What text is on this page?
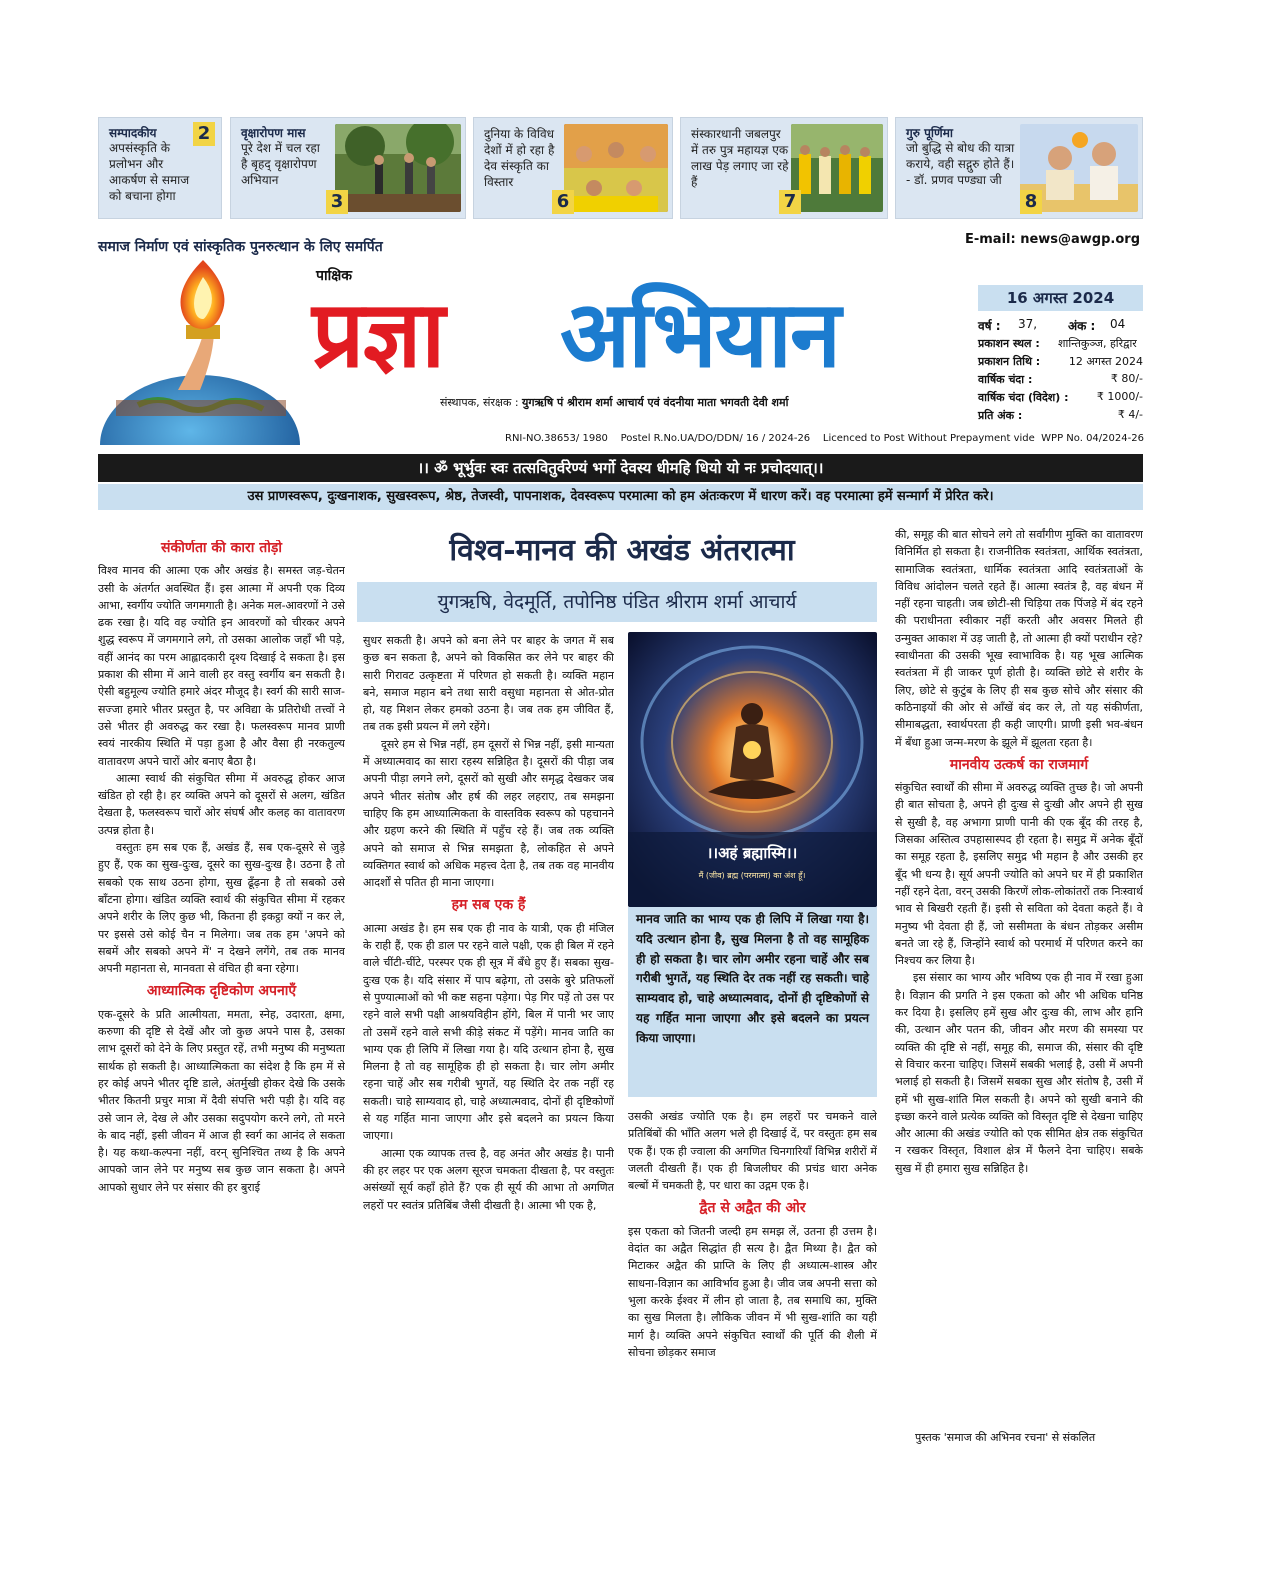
सम्पादकीय
अपसंस्कृति के प्रलोभन और आकर्षण से समाज को बचाना होगा
2	वृक्षारोपण मास
पूरे देश में चल रहा है बृहद् वृक्षारोपण अभियान
3
दुनिया के विविध देशों में हो रहा है देव संस्कृति का विस्तार
6
संस्कारधानी जबलपुर में तरु पुत्र महायज्ञ एक लाख पेड़ लगाए जा रहे हैं
7
गुरु पूर्णिमा
जो बुद्धि से बोध की यात्रा कराये, वही सद्गुरु होते हैं। - डॉ. प्रणव पण्ड्या जी
8
समाज निर्माण एवं सांस्कृतिक पुनरुत्थान के लिए समर्पित	E-mail: news@awgp.org
पाक्षिक
प्रज्ञा अभियान
संस्थापक, संरक्षक : युगऋषि पं श्रीराम शर्मा आचार्य एवं वंदनीया माता भगवती देवी शर्मा
RNI-NO.38653/ 1980    Postel R.No.UA/DO/DDN/ 16 / 2024-26    Licenced to Post Without Prepayment vide  WPP No. 04/2024-26
16 अगस्त 2024
वर्ष : 37,	अंक : 04
प्रकाशन स्थल : शान्तिकुञ्ज, हरिद्वार
प्रकाशन तिथि :	12 अगस्त 2024
वार्षिक चंदा :	₹ 80/-
वार्षिक चंदा (विदेश) :	₹ 1000/-
प्रति अंक :	₹ 4/-
।। ॐ भूर्भुवः स्वः तत्सवितुर्वरेण्यं भर्गो देवस्य धीमहि धियो यो नः प्रचोदयात्।।
उस प्राणस्वरूप, दुःखनाशक, सुखस्वरूप, श्रेष्ठ, तेजस्वी, पापनाशक, देवस्वरूप परमात्मा को हम अंतःकरण में धारण करें। वह परमात्मा हमें सन्मार्ग में प्रेरित करे।
विश्व-मानव की अखंड अंतरात्मा
युगऋषि, वेदमूर्ति, तपोनिष्ठ पंडित श्रीराम शर्मा आचार्य
संकीर्णता की कारा तोड़ो

विश्व मानव की आत्मा एक और अखंड है। समस्त जड़-चेतन उसी के अंतर्गत अवस्थित हैं। इस आत्मा में अपनी एक दिव्य आभा, स्वर्गीय ज्योति जगमगाती है। अनेक मल-आवरणों ने उसे ढक रखा है। यदि वह ज्योति इन आवरणों को चीरकर अपने शुद्ध स्वरूप में जगमगाने लगे, तो उसका आलोक जहाँ भी पड़े, वहीं आनंद का परम आह्लादकारी दृश्य दिखाई दे सकता है। इस प्रकाश की सीमा में आने वाली हर वस्तु स्वर्गीय बन सकती है। ऐसी बहुमूल्य ज्योति हमारे अंदर मौजूद है। स्वर्ग की सारी साज-सज्जा हमारे भीतर प्रस्तुत है, पर अविद्या के प्रतिरोधी तत्त्वों ने उसे भीतर ही अवरुद्ध कर रखा है। फलस्वरूप मानव प्राणी स्वयं नारकीय स्थिति में पड़ा हुआ है और वैसा ही नरकतुल्य वातावरण अपने चारों ओर बनाए बैठा है।

आत्मा स्वार्थ की संकुचित सीमा में अवरुद्ध होकर आज खंडित हो रही है। हर व्यक्ति अपने को दूसरों से अलग, खंडित देखता है, फलस्वरूप चारों ओर संघर्ष और कलह का वातावरण उत्पन्न होता है।

वस्तुतः हम सब एक हैं, अखंड हैं, सब एक-दूसरे से जुड़े हुए हैं, एक का सुख-दुःख, दूसरे का सुख-दुःख है। उठना है तो सबको एक साथ उठना होगा, सुख ढूँढ़ना है तो सबको उसे बाँटना होगा। खंडित व्यक्ति स्वार्थ की संकुचित सीमा में रहकर अपने शरीर के लिए कुछ भी, कितना ही इकट्ठा क्यों न कर ले, पर इससे उसे कोई चैन न मिलेगा। जब तक हम 'अपने को सबमें और सबको अपने में' न देखने लगेंगे, तब तक मानव अपनी महानता से, मानवता से वंचित ही बना रहेगा।

आध्यात्मिक दृष्टिकोण अपनाएँ

एक-दूसरे के प्रति आत्मीयता, ममता, स्नेह, उदारता, क्षमा, करुणा की दृष्टि से देखें और जो कुछ अपने पास है, उसका लाभ दूसरों को देने के लिए प्रस्तुत रहें, तभी मनुष्य की मनुष्यता सार्थक हो सकती है। आध्यात्मिकता का संदेश है कि हम में से हर कोई अपने भीतर दृष्टि डाले, अंतर्मुखी होकर देखे कि उसके भीतर कितनी प्रचुर मात्रा में दैवी संपत्ति भरी पड़ी है। यदि वह उसे जान ले, देख ले और उसका सदुपयोग करने लगे, तो मरने के बाद नहीं, इसी जीवन में आज ही स्वर्ग का आनंद ले सकता है। यह कथा-कल्पना नहीं, वरन् सुनिश्चित तथ्य है कि अपने आपको जान लेने पर मनुष्य सब कुछ जान सकता है। अपने आपको सुधार लेने पर संसार की हर बुराई

सुधर सकती है। अपने को बना लेने पर बाहर के जगत में सब कुछ बन सकता है, अपने को विकसित कर लेने पर बाहर की सारी गिरावट उत्कृष्टता में परिणत हो सकती है। व्यक्ति महान बने, समाज महान बने तथा सारी वसुधा महानता से ओत-प्रोत हो, यह मिशन लेकर हमको उठना है। जब तक हम जीवित हैं, तब तक इसी प्रयत्न में लगे रहेंगे।

दूसरे हम से भिन्न नहीं, हम दूसरों से भिन्न नहीं, इसी मान्यता में अध्यात्मवाद का सारा रहस्य सन्निहित है। दूसरों की पीड़ा जब अपनी पीड़ा लगने लगे, दूसरों को सुखी और समृद्ध देखकर जब अपने भीतर संतोष और हर्ष की लहर लहराए, तब समझना चाहिए कि हम आध्यात्मिकता के वास्तविक स्वरूप को पहचानने और ग्रहण करने की स्थिति में पहुँच रहे हैं। जब तक व्यक्ति अपने को समाज से भिन्न समझता है, लोकहित से अपने व्यक्तिगत स्वार्थ को अधिक महत्त्व देता है, तब तक वह मानवीय आदर्शों से पतित ही माना जाएगा।

हम सब एक हैं

आत्मा अखंड है। हम सब एक ही नाव के यात्री, एक ही मंजिल के राही हैं, एक ही डाल पर रहने वाले पक्षी, एक ही बिल में रहने वाले चींटी-चींटे, परस्पर एक ही सूत्र में बँधे हुए हैं। सबका सुख-दुःख एक है। यदि संसार में पाप बढ़ेगा, तो उसके बुरे प्रतिफलों से पुण्यात्माओं को भी कष्ट सहना पड़ेगा। पेड़ गिर पड़ें तो उस पर रहने वाले सभी पक्षी आश्रयविहीन होंगे, बिल में पानी भर जाए तो उसमें रहने वाले सभी कीड़े संकट में पड़ेंगे। मानव जाति का भाग्य एक ही लिपि में लिखा गया है। यदि उत्थान होना है, सुख मिलना है तो वह सामूहिक ही हो सकता है। चार लोग अमीर रहना चाहें और सब गरीबी भुगतें, यह स्थिति देर तक नहीं रह सकती। चाहे साम्यवाद हो, चाहे अध्यात्मवाद, दोनों ही दृष्टिकोणों से यह गर्हित माना जाएगा और इसे बदलने का प्रयत्न किया जाएगा।

आत्मा एक व्यापक तत्त्व है, वह अनंत और अखंड है। पानी की हर लहर पर एक अलग सूरज चमकता दीखता है, पर वस्तुतः असंख्यों सूर्य कहाँ होते हैं? एक ही सूर्य की आभा तो अगणित लहरों पर स्वतंत्र प्रतिबिंब जैसी दीखती है। आत्मा भी एक है,

।।अहं ब्रह्मास्मि।।
मैं (जीव) ब्रह्म (परमात्मा) का अंश हूँ।
मानव जाति का भाग्य एक ही लिपि में लिखा गया है। यदि उत्थान होना है, सुख मिलना है तो वह सामूहिक ही हो सकता है। चार लोग अमीर रहना चाहें और सब गरीबी भुगतें, यह स्थिति देर तक नहीं रह सकती। चाहे साम्यवाद हो, चाहे अध्यात्मवाद, दोनों ही दृष्टिकोणों से यह गर्हित माना जाएगा और इसे बदलने का प्रयत्न किया जाएगा।

उसकी अखंड ज्योति एक है। हम लहरों पर चमकने वाले प्रतिबिंबों की भाँति अलग भले ही दिखाई दें, पर वस्तुतः हम सब एक हैं। एक ही ज्वाला की अगणित चिनगारियाँ विभिन्न शरीरों में जलती दीखती हैं। एक ही बिजलीघर की प्रचंड धारा अनेक बल्बों में चमकती है, पर धारा का उद्गम एक है।

द्वैत से अद्वैत की ओर

इस एकता को जितनी जल्दी हम समझ लें, उतना ही उत्तम है। वेदांत का अद्वैत सिद्धांत ही सत्य है। द्वैत मिथ्या है। द्वैत को मिटाकर अद्वैत की प्राप्ति के लिए ही अध्यात्म-शास्त्र और साधना-विज्ञान का आविर्भाव हुआ है। जीव जब अपनी सत्ता को भुला करके ईश्वर में लीन हो जाता है, तब समाधि का, मुक्ति का सुख मिलता है। लौकिक जीवन में भी सुख-शांति का यही मार्ग है। व्यक्ति अपने संकुचित स्वार्थों की पूर्ति की शैली में सोचना छोड़कर समाज

की, समूह की बात सोचने लगे तो सर्वांगीण मुक्ति का वातावरण विनिर्मित हो सकता है। राजनीतिक स्वतंत्रता, आर्थिक स्वतंत्रता, सामाजिक स्वतंत्रता, धार्मिक स्वतंत्रता आदि स्वतंत्रताओं के विविध आंदोलन चलते रहते हैं। आत्मा स्वतंत्र है, वह बंधन में नहीं रहना चाहती। जब छोटी-सी चिड़िया तक पिंजड़े में बंद रहने की पराधीनता स्वीकार नहीं करती और अवसर मिलते ही उन्मुक्त आकाश में उड़ जाती है, तो आत्मा ही क्यों पराधीन रहे? स्वाधीनता की उसकी भूख स्वाभाविक है। यह भूख आत्मिक स्वतंत्रता में ही जाकर पूर्ण होती है। व्यक्ति छोटे से शरीर के लिए, छोटे से कुटुंब के लिए ही सब कुछ सोचे और संसार की कठिनाइयों की ओर से आँखें बंद कर ले, तो यह संकीर्णता, सीमाबद्धता, स्वार्थपरता ही कही जाएगी। प्राणी इसी भव-बंधन में बँधा हुआ जन्म-मरण के झूले में झूलता रहता है।

मानवीय उत्कर्ष का राजमार्ग

संकुचित स्वार्थों की सीमा में अवरुद्ध व्यक्ति तुच्छ है। जो अपनी ही बात सोचता है, अपने ही दुःख से दुःखी और अपने ही सुख से सुखी है, वह अभागा प्राणी पानी की एक बूँद की तरह है, जिसका अस्तित्व उपहासास्पद ही रहता है। समुद्र में अनेक बूँदों का समूह रहता है, इसलिए समुद्र भी महान है और उसकी हर बूँद भी धन्य है। सूर्य अपनी ज्योति को अपने घर में ही प्रकाशित नहीं रहने देता, वरन् उसकी किरणें लोक-लोकांतरों तक निःस्वार्थ भाव से बिखरी रहती हैं। इसी से सविता को देवता कहते हैं। वे मनुष्य भी देवता ही हैं, जो ससीमता के बंधन तोड़कर असीम बनते जा रहे हैं, जिन्होंने स्वार्थ को परमार्थ में परिणत करने का निश्चय कर लिया है।

इस संसार का भाग्य और भविष्य एक ही नाव में रखा हुआ है। विज्ञान की प्रगति ने इस एकता को और भी अधिक घनिष्ठ कर दिया है। इसलिए हमें सुख और दुःख की, लाभ और हानि की, उत्थान और पतन की, जीवन और मरण की समस्या पर व्यक्ति की दृष्टि से नहीं, समूह की, समाज की, संसार की दृष्टि से विचार करना चाहिए। जिसमें सबकी भलाई है, उसी में अपनी भलाई हो सकती है। जिसमें सबका सुख और संतोष है, उसी में हमें भी सुख-शांति मिल सकती है। अपने को सुखी बनाने की इच्छा करने वाले प्रत्येक व्यक्ति को विस्तृत दृष्टि से देखना चाहिए और आत्मा की अखंड ज्योति को एक सीमित क्षेत्र तक संकुचित न रखकर विस्तृत, विशाल क्षेत्र में फैलने देना चाहिए। सबके सुख में ही हमारा सुख सन्निहित है।

पुस्तक 'समाज की अभिनव रचना' से संकलित
